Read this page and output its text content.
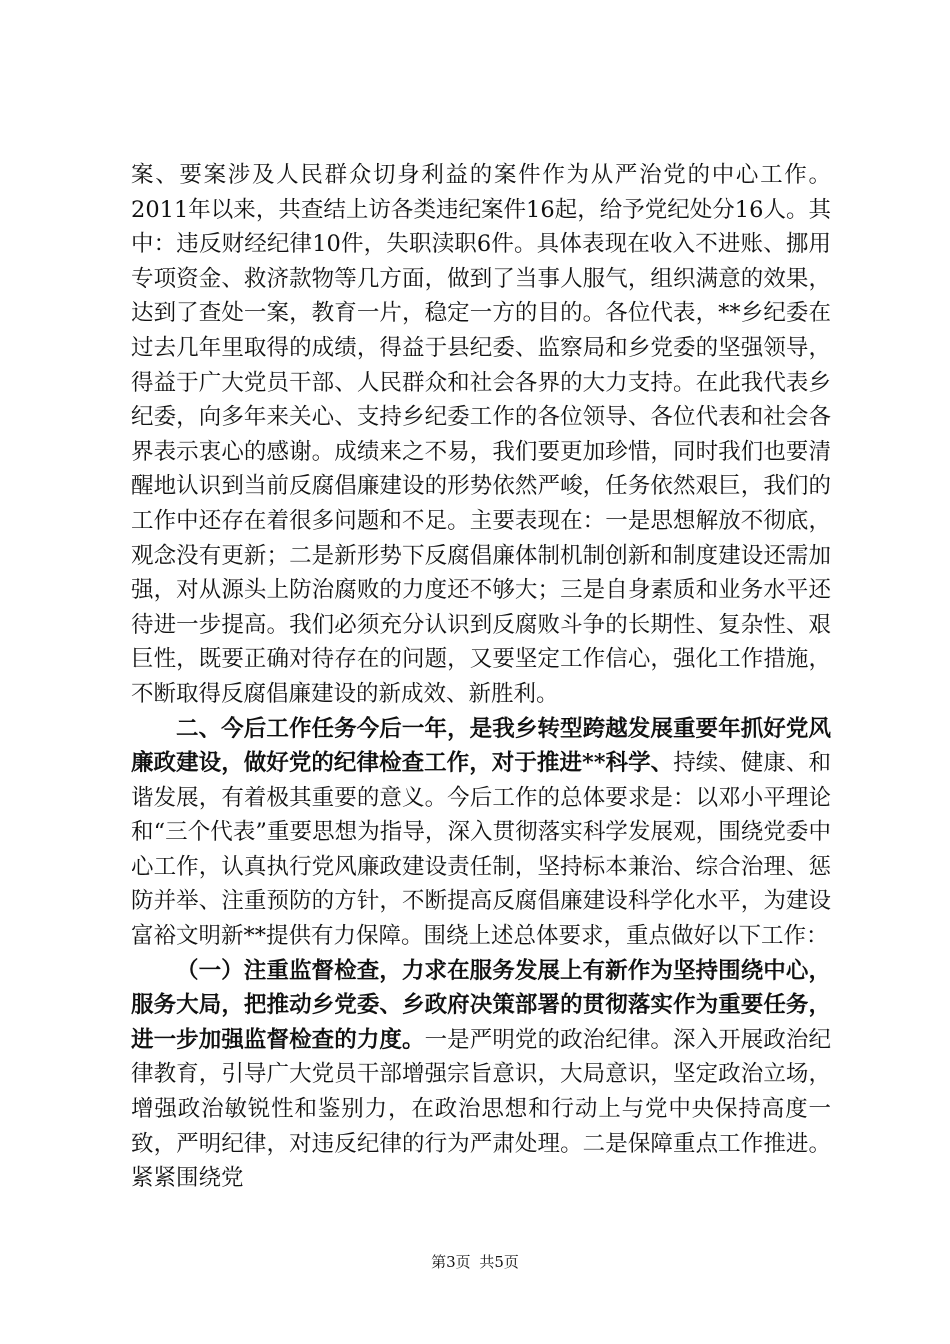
案、要案涉及人民群众切身利益的案件作为从严治党的中心工作。2011年以来，共查结上访各类违纪案件16起，给予党纪处分16人。其中：违反财经纪律10件，失职渎职6件。具体表现在收入不进账、挪用专项资金、救济款物等几方面，做到了当事人服气，组织满意的效果，达到了查处一案，教育一片，稳定一方的目的。各位代表，**乡纪委在过去几年里取得的成绩，得益于县纪委、监察局和乡党委的坚强领导，得益于广大党员干部、人民群众和社会各界的大力支持。在此我代表乡纪委，向多年来关心、支持乡纪委工作的各位领导、各位代表和社会各界表示衷心的感谢。成绩来之不易，我们要更加珍惜，同时我们也要清醒地认识到当前反腐倡廉建设的形势依然严峻，任务依然艰巨，我们的工作中还存在着很多问题和不足。主要表现在：一是思想解放不彻底，观念没有更新；二是新形势下反腐倡廉体制机制创新和制度建设还需加强，对从源头上防治腐败的力度还不够大；三是自身素质和业务水平还待进一步提高。我们必须充分认识到反腐败斗争的长期性、复杂性、艰巨性，既要正确对待存在的问题，又要坚定工作信心，强化工作措施，不断取得反腐倡廉建设的新成效、新胜利。

二、今后工作任务今后一年，是我乡转型跨越发展重要年抓好党风廉政建设，做好党的纪律检查工作，对于推进**科学、持续、健康、和谐发展，有着极其重要的意义。今后工作的总体要求是：以邓小平理论和“三个代表”重要思想为指导，深入贯彻落实科学发展观，围绕党委中心工作，认真执行党风廉政建设责任制，坚持标本兼治、综合治理、惩防并举、注重预防的方针，不断提高反腐倡廉建设科学化水平，为建设富裕文明新**提供有力保障。围绕上述总体要求，重点做好以下工作：

（一）注重监督检查，力求在服务发展上有新作为坚持围绕中心，服务大局，把推动乡党委、乡政府决策部署的贯彻落实作为重要任务，进一步加强监督检查的力度。一是严明党的政治纪律。深入开展政治纪律教育，引导广大党员干部增强宗旨意识，大局意识，坚定政治立场，增强政治敏锐性和鉴别力，在政治思想和行动上与党中央保持高度一致，严明纪律，对违反纪律的行为严肃处理。二是保障重点工作推进。紧紧围绕党

第3页 共5页
